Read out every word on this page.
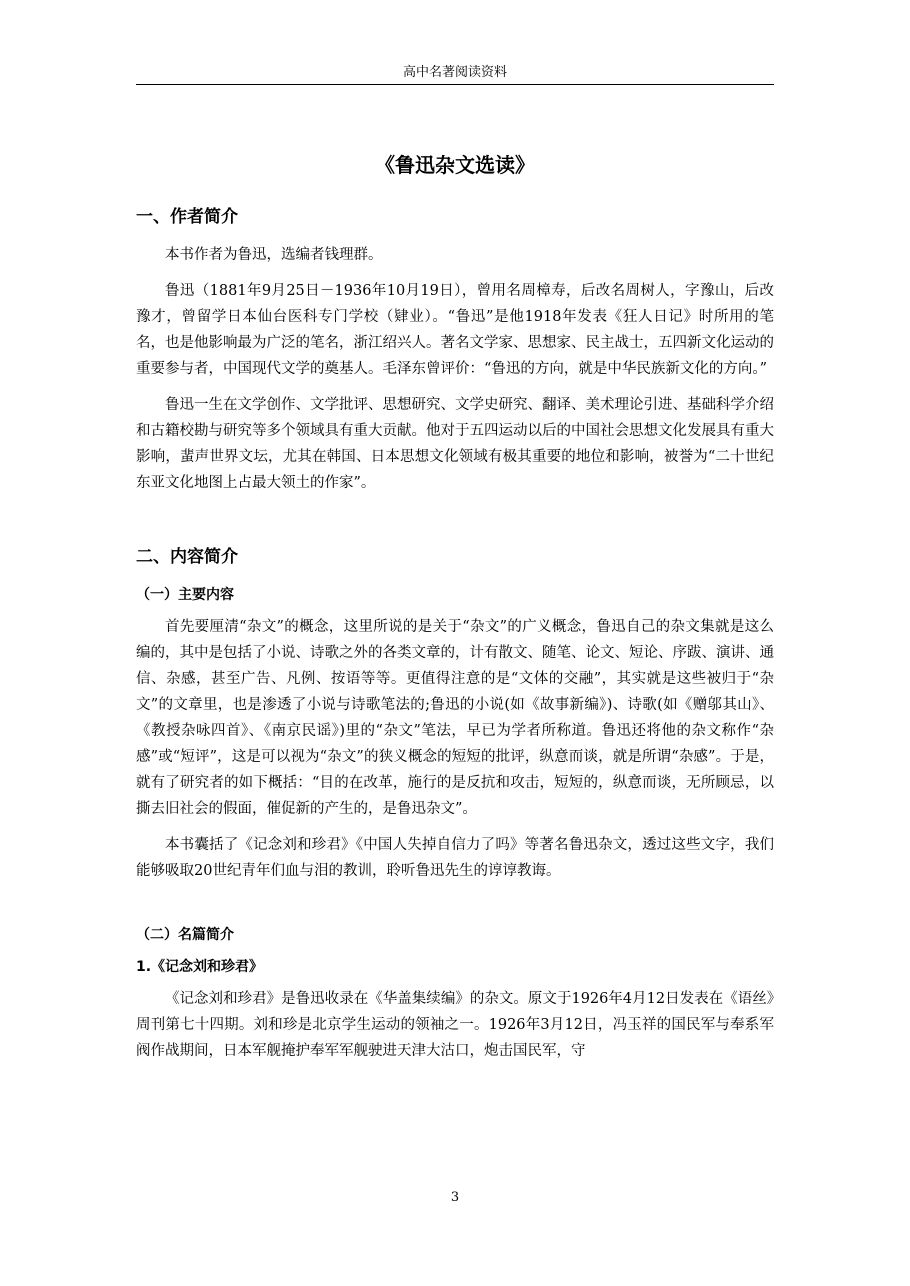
高中名著阅读资料
《鲁迅杂文选读》
一、作者简介

本书作者为鲁迅，选编者钱理群。

鲁迅（1881年9月25日－1936年10月19日），曾用名周樟寿，后改名周树人，字豫山，后改豫才，曾留学日本仙台医科专门学校（肄业）。“鲁迅”是他1918年发表《狂人日记》时所用的笔名，也是他影响最为广泛的笔名，浙江绍兴人。著名文学家、思想家、民主战士，五四新文化运动的重要参与者，中国现代文学的奠基人。毛泽东曾评价：“鲁迅的方向，就是中华民族新文化的方向。”

鲁迅一生在文学创作、文学批评、思想研究、文学史研究、翻译、美术理论引进、基础科学介绍和古籍校勘与研究等多个领域具有重大贡献。他对于五四运动以后的中国社会思想文化发展具有重大影响，蜚声世界文坛，尤其在韩国、日本思想文化领域有极其重要的地位和影响，被誉为“二十世纪东亚文化地图上占最大领土的作家”。

二、内容简介
（一）主要内容

首先要厘清“杂文”的概念，这里所说的是关于“杂文”的广义概念，鲁迅自己的杂文集就是这么编的，其中是包括了小说、诗歌之外的各类文章的，计有散文、随笔、论文、短论、序跋、演讲、通信、杂感，甚至广告、凡例、按语等等。更值得注意的是“文体的交融”，其实就是这些被归于“杂文”的文章里，也是渗透了小说与诗歌笔法的;鲁迅的小说(如《故事新编》)、诗歌(如《赠邬其山》、《教授杂咏四首》、《南京民谣》)里的“杂文”笔法，早已为学者所称道。鲁迅还将他的杂文称作“杂感”或“短评”，这是可以视为“杂文”的狭义概念的短短的批评，纵意而谈，就是所谓“杂感”。于是，就有了研究者的如下概括：“目的在改革，施行的是反抗和攻击，短短的，纵意而谈，无所顾忌，以撕去旧社会的假面，催促新的产生的，是鲁迅杂文”。

本书囊括了《记念刘和珍君》《中国人失掉自信力了吗》等著名鲁迅杂文，透过这些文字，我们能够吸取20世纪青年们血与泪的教训，聆听鲁迅先生的谆谆教诲。

（二）名篇简介
1.《记念刘和珍君》

《记念刘和珍君》是鲁迅收录在《华盖集续编》的杂文。原文于1926年4月12日发表在《语丝》周刊第七十四期。刘和珍是北京学生运动的领袖之一。1926年3月12日，冯玉祥的国民军与奉系军阀作战期间，日本军舰掩护奉军军舰驶进天津大沽口，炮击国民军，守

3
